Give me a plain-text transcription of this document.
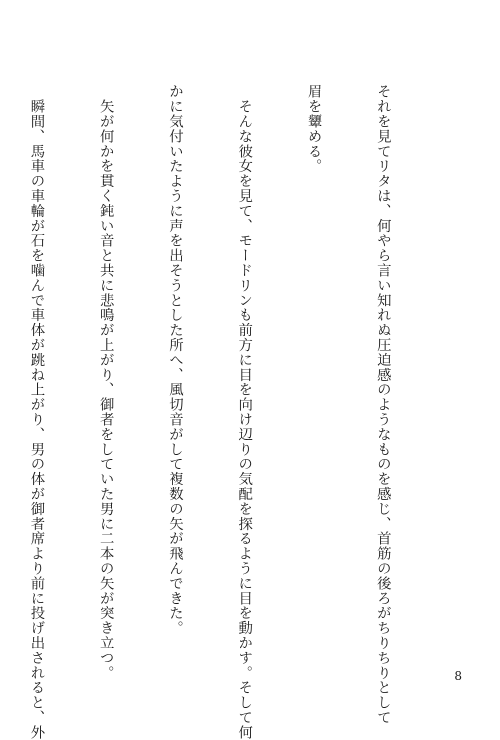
それを見てリタは、何やら言い知れぬ圧迫感のようなものを感じ、首筋の後ろがちりちりとして

眉を顰める。

　そんな彼女を見て、モードリンも前方に目を向け辺りの気配を探るように目を動かす。そして何

かに気付いたように声を出そうとした所へ、風切音がして複数の矢が飛んできた。

　矢が何かを貫く鈍い音と共に悲鳴が上がり、御者をしていた男に二本の矢が突き立つ。

　瞬間、馬車の車輪が石を噛んで車体が跳ね上がり、男の体が御者席より前に投げ出されると、外

	8
